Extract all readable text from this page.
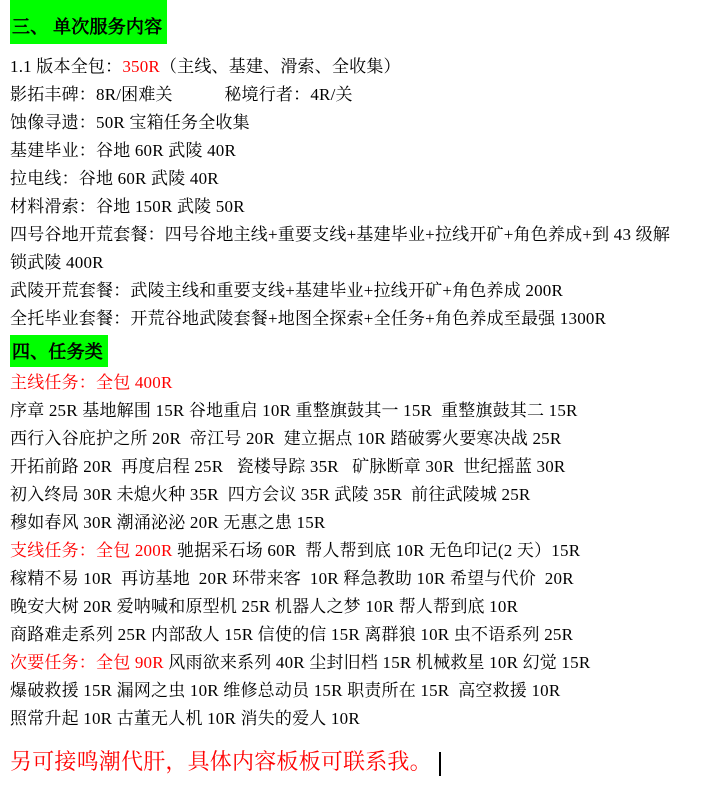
三、 单次服务内容

1.1 版本全包：350R（主线、基建、滑索、全收集）

影拓丰碑：8R/困难关　　　秘境行者：4R/关

蚀像寻遗：50R 宝箱任务全收集

基建毕业：谷地 60R 武陵 40R

拉电线：谷地 60R 武陵 40R

材料滑索：谷地 150R 武陵 50R

四号谷地开荒套餐：四号谷地主线+重要支线+基建毕业+拉线开矿+角色养成+到 43 级解

锁武陵 400R

武陵开荒套餐：武陵主线和重要支线+基建毕业+拉线开矿+角色养成 200R

全托毕业套餐：开荒谷地武陵套餐+地图全探索+全任务+角色养成至最强 1300R

四、任务类

主线任务：全包 400R

序章 25R 基地解围 15R 谷地重启 10R 重整旗鼓其一 15R  重整旗鼓其二 15R

西行入谷庇护之所 20R  帝江号 20R  建立据点 10R 踏破雾火要寒决战 25R

开拓前路 20R  再度启程 25R   瓷楼导踪 35R   矿脉断章 30R  世纪摇蓝 30R

初入终局 30R 未熄火种 35R  四方会议 35R 武陵 35R  前往武陵城 25R

穆如春风 30R 潮涌泌泌 20R 无惠之患 15R

支线任务：全包 200R 驰据采石场 60R  帮人帮到底 10R 无色印记(2 天）15R

稼精不易 10R  再访基地  20R 环带来客  10R 释急教助 10R 希望与代价  20R

晚安大树 20R 爱呐喊和原型机 25R 机器人之梦 10R 帮人帮到底 10R

商路难走系列 25R 内部敌人 15R 信使的信 15R 离群狼 10R 虫不语系列 25R

次要任务：全包 90R 风雨欲来系列 40R 尘封旧档 15R 机械救星 10R 幻觉 15R

爆破救援 15R 漏网之虫 10R 维修总动员 15R 职责所在 15R  高空救援 10R

照常升起 10R 古董无人机 10R 消失的爱人 10R

另可接鸣潮代肝，具体内容板板可联系我。
